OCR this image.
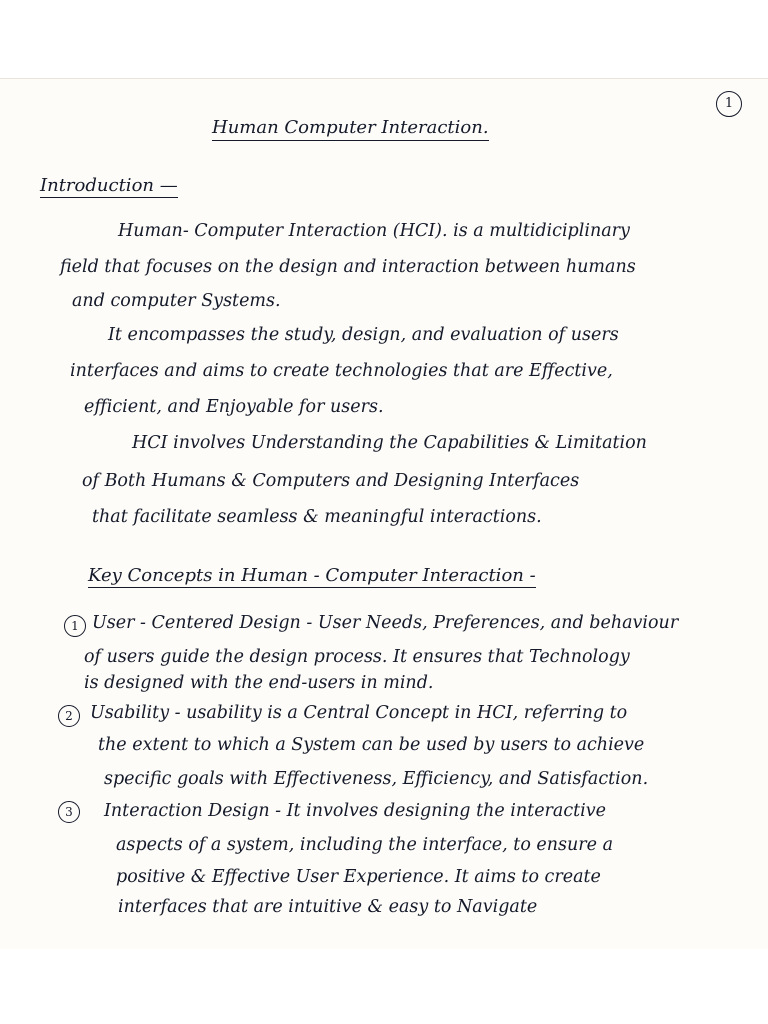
1
Human Computer Interaction.
Introduction —
Human- Computer Interaction (HCI). is a multidiciplinary
field that focuses on the design and interaction between humans
and computer Systems.
It encompasses the study, design, and evaluation of users
interfaces and aims to create technologies that are Effective,
efficient, and Enjoyable for users.
HCI involves Understanding the Capabilities & Limitation
of Both Humans & Computers and Designing Interfaces
that facilitate seamless & meaningful interactions.
Key Concepts in Human - Computer Interaction -
1 User - Centered Design - User Needs, Preferences, and behaviour
of users guide the design process. It ensures that Technology
is designed with the end-users in mind.
2 Usability - usability is a Central Concept in HCI, referring to
the extent to which a System can be used by users to achieve
specific goals with Effectiveness, Efficiency, and Satisfaction.
3	Interaction Design - It involves designing the interactive
aspects of a system, including the interface, to ensure a
positive & Effective User Experience. It aims to create
interfaces that are intuitive & easy to Navigate
